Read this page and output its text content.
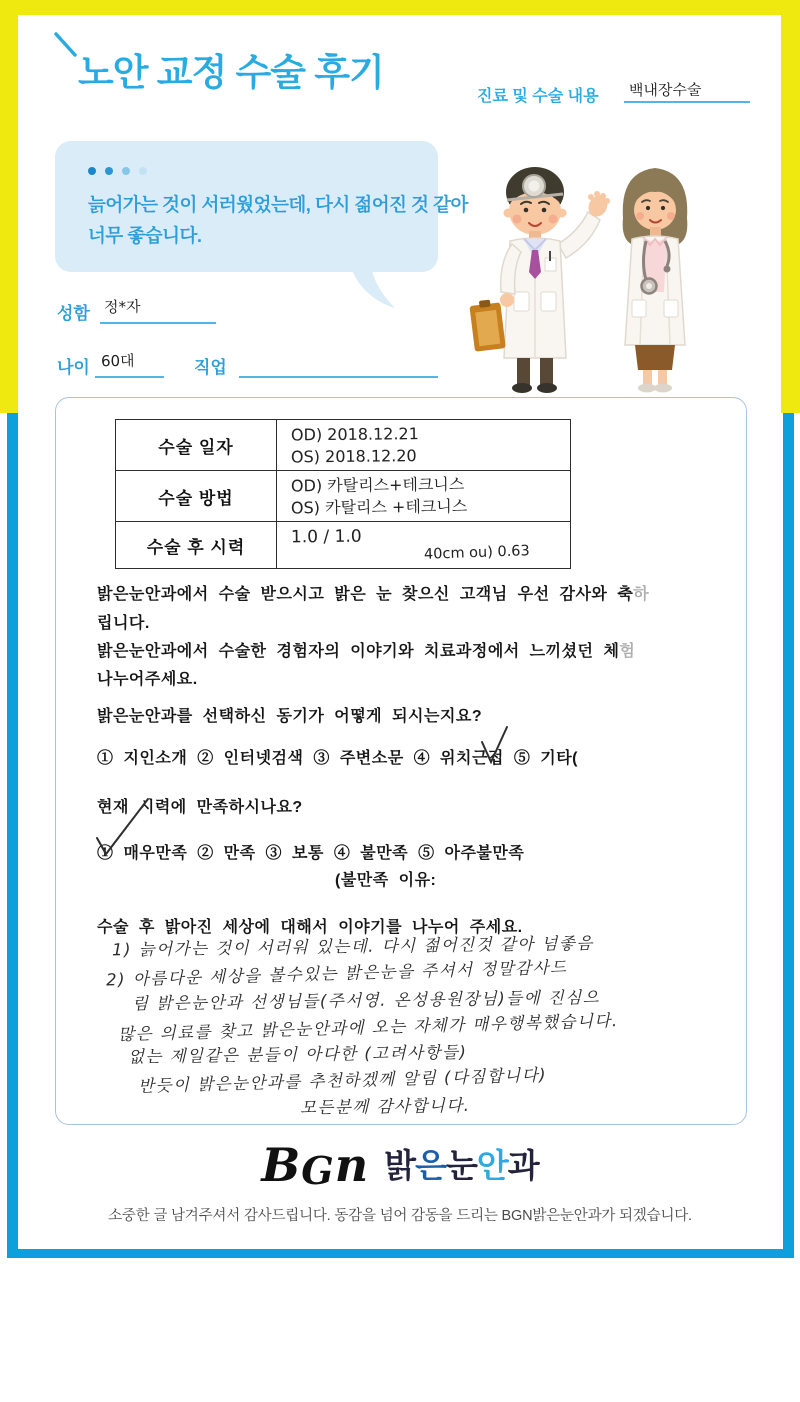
노안 교정 수술 후기
진료 및 수술 내용 백내장수술
늙어가는 것이 서러웠었는데, 다시 젊어진 것 같아
너무 좋습니다.
성함 정*자
나이 60대	직업
수술 일자	OD) 2018.12.21
OS) 2018.12.20

수술 방법	OD) 카탈리스+테크니스
OS) 카탈리스 +테크니스

수술 후 시력	1.0 / 1.0
40cm ou) 0.63
밝은눈안과에서 수술 받으시고 밝은 눈 찾으신 고객님 우선 감사와 축하
립니다.
밝은눈안과에서 수술한 경험자의 이야기와 치료과정에서 느끼셨던 체험
나누어주세요.
밝은눈안과를 선택하신 동기가 어떻게 되시는지요?
① 지인소개 ② 인터넷검색 ③ 주변소문 ④ 위치근접 ⑤ 기타(
현재 시력에 만족하시나요?
① 매우만족 ② 만족 ③ 보통 ④ 불만족 ⑤ 아주불만족
(불만족 이유:
수술 후 밝아진 세상에 대해서 이야기를 나누어 주세요.
1) 늙어가는 것이 서러워 있는데. 다시 젊어진것 같아 넘좋음
2) 아름다운 세상을 볼수있는 밝은눈을 주셔서 정말감사드
림 밝은눈안과 선생님들(주서영. 온성용원장님)들에 진심으
많은 의료를 찾고 밝은눈안과에 오는 자체가 매우행복했습니다.
없는 제일같은 분들이 아다한 (고려사항들)
반듯이 밝은눈안과를 추천하겠께 알림 (다짐합니다)
모든분께 감사합니다.
B G n 밝은눈안과
소중한 글 남겨주셔서 감사드립니다. 동감을 넘어 감동을 드리는 BGN밝은눈안과가 되겠습니다.
